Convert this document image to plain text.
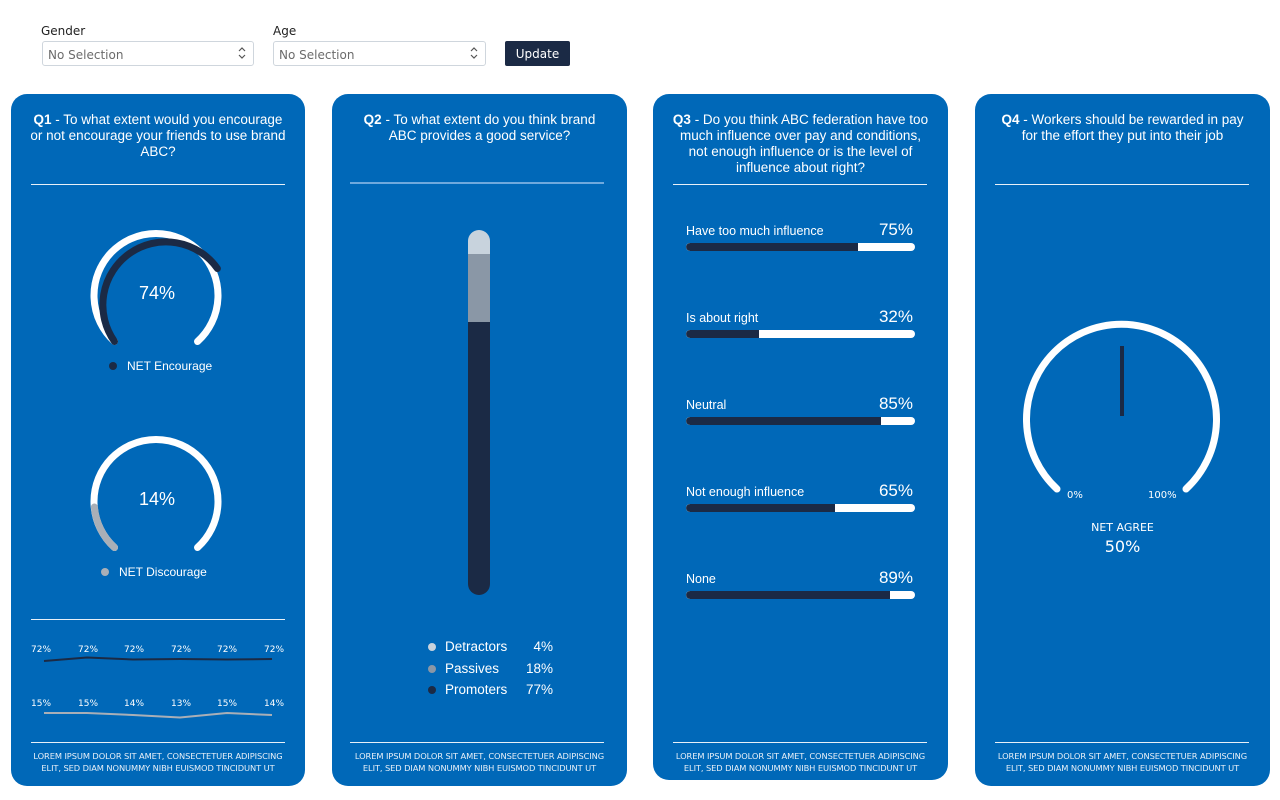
Gender
No Selection
Age
No Selection	Update
Q1 - To what extent would you encourage or not encourage your friends to use brand ABC?
74%
NET Encourage
14%
NET Discourage
72%	72%	72%	72%	72%	72%
15%	15%	14%	13%	15%	14%
LOREM IPSUM DOLOR SIT AMET, CONSECTETUER ADIPISCING
ELIT, SED DIAM NONUMMY NIBH EUISMOD TINCIDUNT UT
Q2 - To what extent do you think brand ABC provides a good service?
Detractors	4%
Passives	18%
Promoters	77%
LOREM IPSUM DOLOR SIT AMET, CONSECTETUER ADIPISCING
ELIT, SED DIAM NONUMMY NIBH EUISMOD TINCIDUNT UT
Q3 - Do you think ABC federation have too much influence over pay and conditions, not enough influence or is the level of influence about right?
Have too much influence	75%
Is about right	32%
Neutral	85%
Not enough influence	65%
None	89%
LOREM IPSUM DOLOR SIT AMET, CONSECTETUER ADIPISCING
ELIT, SED DIAM NONUMMY NIBH EUISMOD TINCIDUNT UT
Q4 - Workers should be rewarded in pay for the effort they put into their job
0%	100%
NET AGREE
50%
LOREM IPSUM DOLOR SIT AMET, CONSECTETUER ADIPISCING
ELIT, SED DIAM NONUMMY NIBH EUISMOD TINCIDUNT UT
